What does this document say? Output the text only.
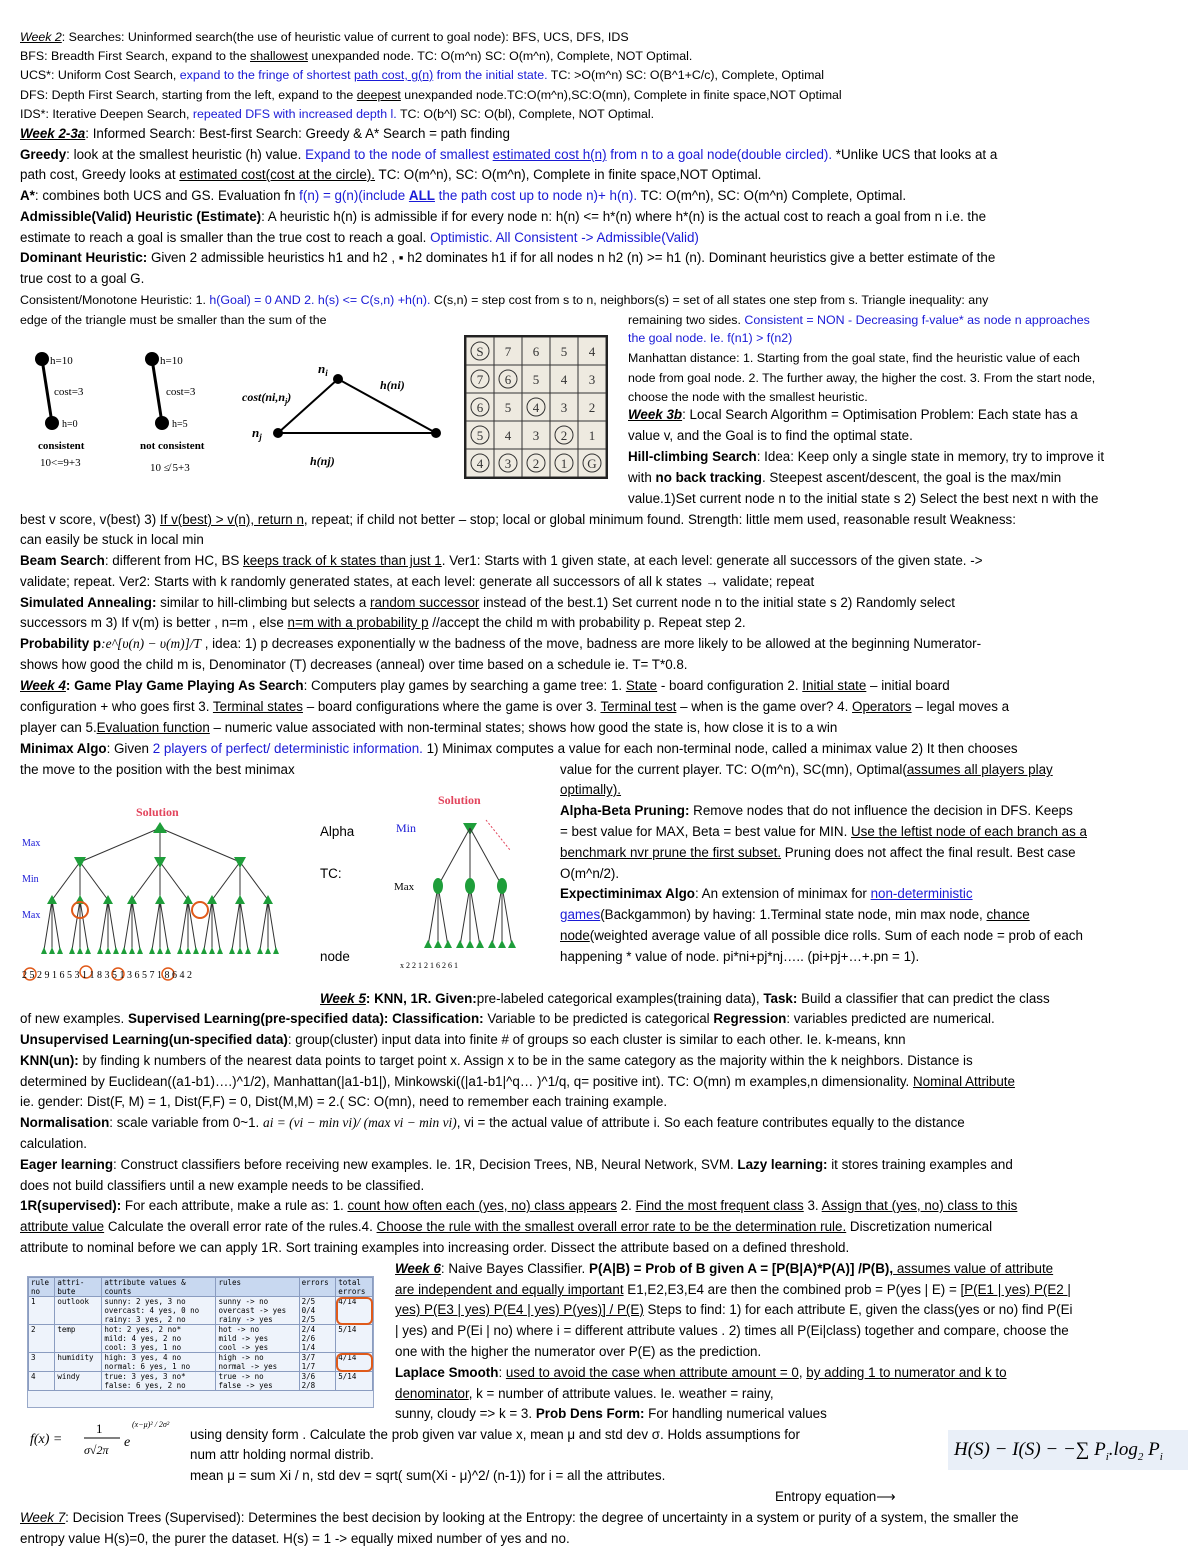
Week 2: Searches: Uninformed search(the use of heuristic value of current to goal node): BFS, UCS, DFS, IDS
BFS: Breadth First Search, expand to the shallowest unexpanded node. TC: O(m^n) SC: O(m^n), Complete, NOT Optimal.
UCS*: Uniform Cost Search, expand to the fringe of shortest path cost, g(n) from the initial state. TC: >O(m^n) SC: O(B^1+C/c), Complete, Optimal
DFS: Depth First Search, starting from the left, expand to the deepest unexpanded node.TC:O(m^n),SC:O(mn), Complete in finite space,NOT Optimal
IDS*: Iterative Deepen Search, repeated DFS with increased depth l. TC: O(b^l) SC: O(bl), Complete, NOT Optimal.
Week 2-3a: Informed Search: Best-first Search: Greedy & A* Search = path finding
Greedy: look at the smallest heuristic (h) value. Expand to the node of smallest estimated cost h(n) from n to a goal node(double circled). *Unlike UCS that looks at a
path cost, Greedy looks at estimated cost(cost at the circle). TC: O(m^n), SC: O(m^n), Complete in finite space,NOT Optimal.
A*: combines both UCS and GS. Evaluation fn f(n) = g(n)(include ALL the path cost up to node n)+ h(n). TC: O(m^n), SC: O(m^n) Complete, Optimal.
Admissible(Valid) Heuristic (Estimate): A heuristic h(n) is admissible if for every node n: h(n) <= h*(n) where h*(n) is the actual cost to reach a goal from n i.e. the
estimate to reach a goal is smaller than the true cost to reach a goal. Optimistic. All Consistent -> Admissible(Valid)
Dominant Heuristic: Given 2 admissible heuristics h1 and h2 , ▪ h2 dominates h1 if for all nodes n h2 (n) >= h1 (n). Dominant heuristics give a better estimate of the
true cost to a goal G.
Consistent/Monotone Heuristic: 1. h(Goal) = 0 AND 2. h(s) <= C(s,n) +h(n). C(s,n) = step cost from s to n, neighbors(s) = set of all states one step from s. Triangle inequality: any
edge of the triangle must be smaller than the sum of the	remaining two sides. Consistent = NON - Decreasing f-value* as node n approaches
the goal node. Ie. f(n1) > f(n2)
Manhattan distance: 1. Starting from the goal state, find the heuristic value of each
node from goal node. 2. The further away, the higher the cost. 3. From the start node,
choose the node with the smallest heuristic.
h=10
cost=3
h=0
consistent
10<=9+3
h=10
cost=3
h=5
not consistent
10 ≰ 5+3
$n_i$
$n_j$
$\cos t(ni,n_j)$
h(ni)
h(nj)
S 7 6 5 4
7 6 5 4 3
6 5 4 3 2
5 4 3 2 1
4 3 2 1 G
Week 3b: Local Search Algorithm = Optimisation Problem: Each state has a
value v, and the Goal is to find the optimal state.
Hill-climbing Search: Idea: Keep only a single state in memory, try to improve it
with no back tracking. Steepest ascent/descent, the goal is the max/min
value.1)Set current node n to the initial state s 2) Select the best next n with the
best v score, v(best) 3) If v(best) > v(n), return n, repeat; if child not better – stop; local or global minimum found. Strength: little mem used, reasonable result Weakness:
can easily be stuck in local min
Beam Search: different from HC, BS keeps track of k states than just 1. Ver1: Starts with 1 given state, at each level: generate all successors of the given state. ->
validate; repeat. Ver2: Starts with k randomly generated states, at each level: generate all successors of all k states → validate; repeat
Simulated Annealing: similar to hill-climbing but selects a random successor instead of the best.1) Set current node n to the initial state s 2) Randomly select
successors m 3) If v(m) is better , n=m , else n=m with a probability p //accept the child m with probability p. Repeat step 2.
Probability p:e^[υ(n) − υ(m)]/T , idea: 1) p decreases exponentially w the badness of the move, badness are more likely to be allowed at the beginning Numerator-
shows how good the child m is, Denominator (T) decreases (anneal) over time based on a schedule ie. T= T*0.8.
Week 4: Game Play Game Playing As Search: Computers play games by searching a game tree: 1. State - board configuration 2. Initial state – initial board
configuration + who goes first 3. Terminal states – board configurations where the game is over 3. Terminal test – when is the game over? 4. Operators – legal moves a
player can 5.Evaluation function – numeric value associated with non-terminal states; shows how good the state is, how close it is to a win
Minimax Algo: Given 2 players of perfect/ deterministic information. 1) Minimax computes a value for each non-terminal node, called a minimax value 2) It then chooses
the move to the position with the best minimax	value for the current player. TC: O(m^n), SC(mn), Optimal(assumes all players play
optimally).
Alpha-Beta Pruning: Remove nodes that do not influence the decision in DFS. Keeps
= best value for MAX, Beta = best value for MIN. Use the leftist node of each branch as a
benchmark nvr prune the first subset. Pruning does not affect the final result. Best case
O(m^n/2).
Expectiminimax Algo: An extension of minimax for non-deterministic
games(Backgammon) by having: 1.Terminal state node, min max node, chance
node(weighted average value of all possible dice rolls. Sum of each node = prob of each
happening * value of node. pi*ni+pj*nj….. (pi+pj+…+.pn = 1).
Alpha
TC:
node
Solution
Max
Min
Max
2 5 2 9 1 6 5 3 1 1 8 3 5 1 3 6 5 7 1 8 6 4 2
Solution
Min
Max
x 2 2 1 2 1 6 2 6 1
Week 5: KNN, 1R. Given:pre-labeled categorical examples(training data), Task: Build a classifier that can predict the class
of new examples. Supervised Learning(pre-specified data): Classification: Variable to be predicted is categorical Regression: variables predicted are numerical.
Unsupervised Learning(un-specified data): group(cluster) input data into finite # of groups so each cluster is similar to each other. Ie. k-means, knn
KNN(un): by finding k numbers of the nearest data points to target point x. Assign x to be in the same category as the majority within the k neighbors. Distance is
determined by Euclidean((a1-b1)….)^1/2), Manhattan(|a1-b1|), Minkowski((|a1-b1|^q… )^1/q, q= positive int). TC: O(mn) m examples,n dimensionality. Nominal Attribute
ie. gender: Dist(F, M) = 1, Dist(F,F) = 0, Dist(M,M) = 2.( SC: O(mn), need to remember each training example.
Normalisation: scale variable from 0~1. ai = (vi − min vi)/ (max vi − min vi), vi = the actual value of attribute i. So each feature contributes equally to the distance
calculation.
Eager learning: Construct classifiers before receiving new examples. Ie. 1R, Decision Trees, NB, Neural Network, SVM. Lazy learning: it stores training examples and
does not build classifiers until a new example needs to be classified.
1R(supervised): For each attribute, make a rule as: 1. count how often each (yes, no) class appears 2. Find the most frequent class 3. Assign that (yes, no) class to this
attribute value Calculate the overall error rate of the rules.4. Choose the rule with the smallest overall error rate to be the determination rule. Discretization numerical
attribute to nominal before we can apply 1R. Sort training examples into increasing order. Dissect the attribute based on a defined threshold.
rule
no	attri-
bute	attribute values &
counts	rules	errors	total
errors
1	outlook	sunny: 2 yes, 3 no
overcast: 4 yes, 0 no
rainy: 3 yes, 2 no	sunny -> no
overcast -> yes
rainy -> yes	2/5
0/4
2/5	4/14
2	temp	hot: 2 yes, 2 no*
mild: 4 yes, 2 no
cool: 3 yes, 1 no	hot -> no
mild -> yes
cool -> yes	2/4
2/6
1/4	5/14
3	humidity	high: 3 yes, 4 no
normal: 6 yes, 1 no	high -> no
normal -> yes	3/7
1/7	4/14
4	windy	true: 3 yes, 3 no*
false: 6 yes, 2 no	true -> no
false -> yes	3/6
2/8	5/14
Week 6: Naive Bayes Classifier. P(A|B) = Prob of B given A = [P(B|A)*P(A)] /P(B), assumes value of attribute
are independent and equally important E1,E2,E3,E4 are then the combined prob = P(yes | E) = [P(E1 | yes) P(E2 |
yes) P(E3 | yes) P(E4 | yes) P(yes)] / P(E) Steps to find: 1) for each attribute E, given the class(yes or no) find P(Ei
| yes) and P(Ei | no) where i = different attribute values . 2) times all P(Ei|class) together and compare, choose the
one with the higher the numerator over P(E) as the prediction.
Laplace Smooth: used to avoid the case when attribute amount = 0, by adding 1 to numerator and k to
denominator, k = number of attribute values. Ie. weather = rainy,
sunny, cloudy => k = 3. Prob Dens Form: For handling numerical values
using density form . Calculate the prob given var value x, mean μ and std dev σ. Holds assumptions for
num attr holding normal distrib.
mean μ = sum Xi / n, std dev = sqrt( sum(Xi - μ)^2/ (n-1)) for i = all the attributes.
Entropy equation⟶
f(x) =
1
σ√2π e
(x−μ)² / 2σ²
H(S) − I(S) − −∑ $P_i.\log_2$ $P_i$
Week 7: Decision Trees (Supervised): Determines the best decision by looking at the Entropy: the degree of uncertainty in a system or purity of a system, the smaller the
entropy value H(s)=0, the purer the dataset. H(s) = 1 -> equally mixed number of yes and no.
